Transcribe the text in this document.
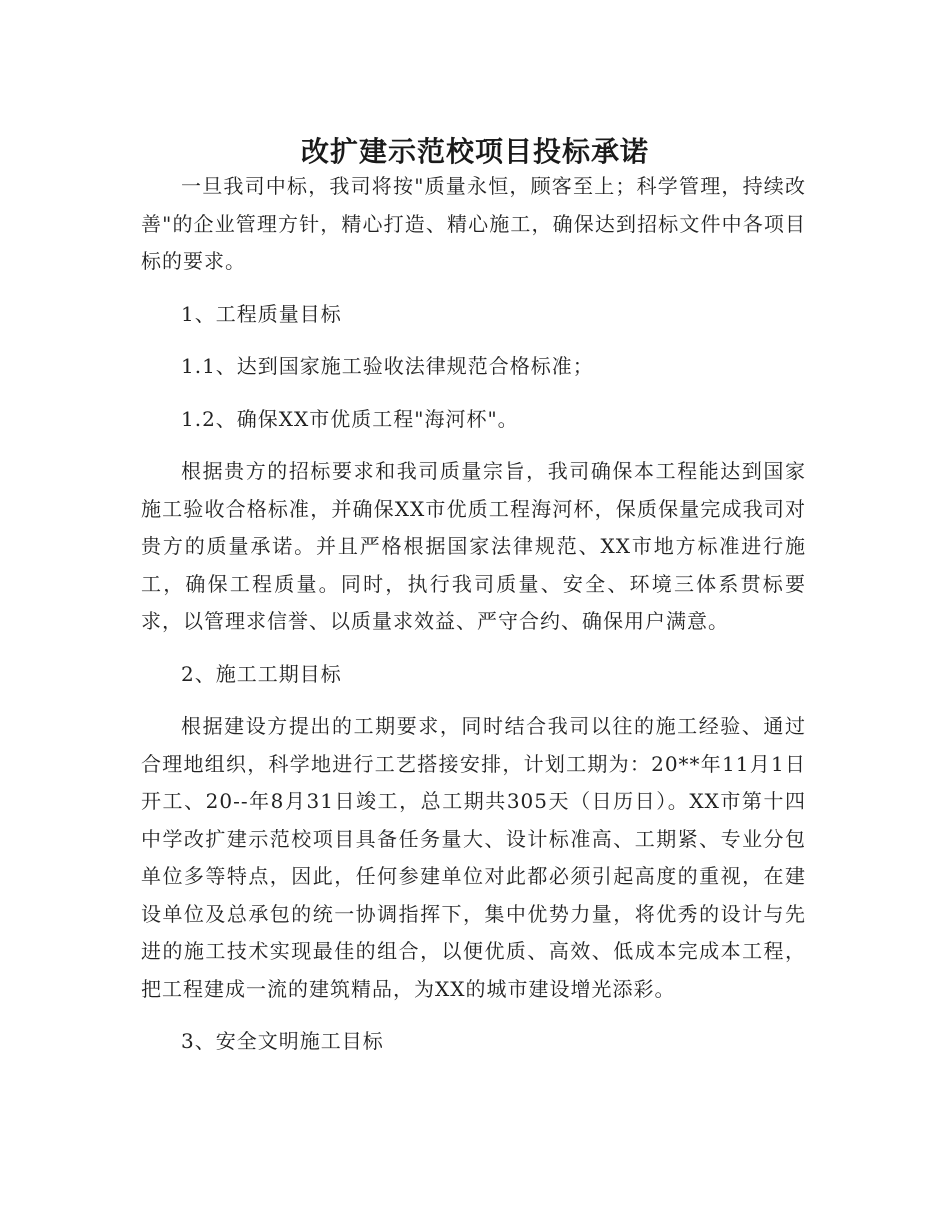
改扩建示范校项目投标承诺

一旦我司中标，我司将按"质量永恒，顾客至上；科学管理，持续改善"的企业管理方针，精心打造、精心施工，确保达到招标文件中各项目标的要求。

1、工程质量目标

1.1、达到国家施工验收法律规范合格标准；

1.2、确保XX市优质工程"海河杯"。

根据贵方的招标要求和我司质量宗旨，我司确保本工程能达到国家施工验收合格标准，并确保XX市优质工程海河杯，保质保量完成我司对贵方的质量承诺。并且严格根据国家法律规范、XX市地方标准进行施工，确保工程质量。同时，执行我司质量、安全、环境三体系贯标要求，以管理求信誉、以质量求效益、严守合约、确保用户满意。

2、施工工期目标

根据建设方提出的工期要求，同时结合我司以往的施工经验、通过合理地组织，科学地进行工艺搭接安排，计划工期为：20**年11月1日开工、20--年8月31日竣工，总工期共305天（日历日）。XX市第十四中学改扩建示范校项目具备任务量大、设计标准高、工期紧、专业分包单位多等特点，因此，任何参建单位对此都必须引起高度的重视，在建设单位及总承包的统一协调指挥下，集中优势力量，将优秀的设计与先进的施工技术实现最佳的组合，以便优质、高效、低成本完成本工程，把工程建成一流的建筑精品，为XX的城市建设增光添彩。

3、安全文明施工目标
